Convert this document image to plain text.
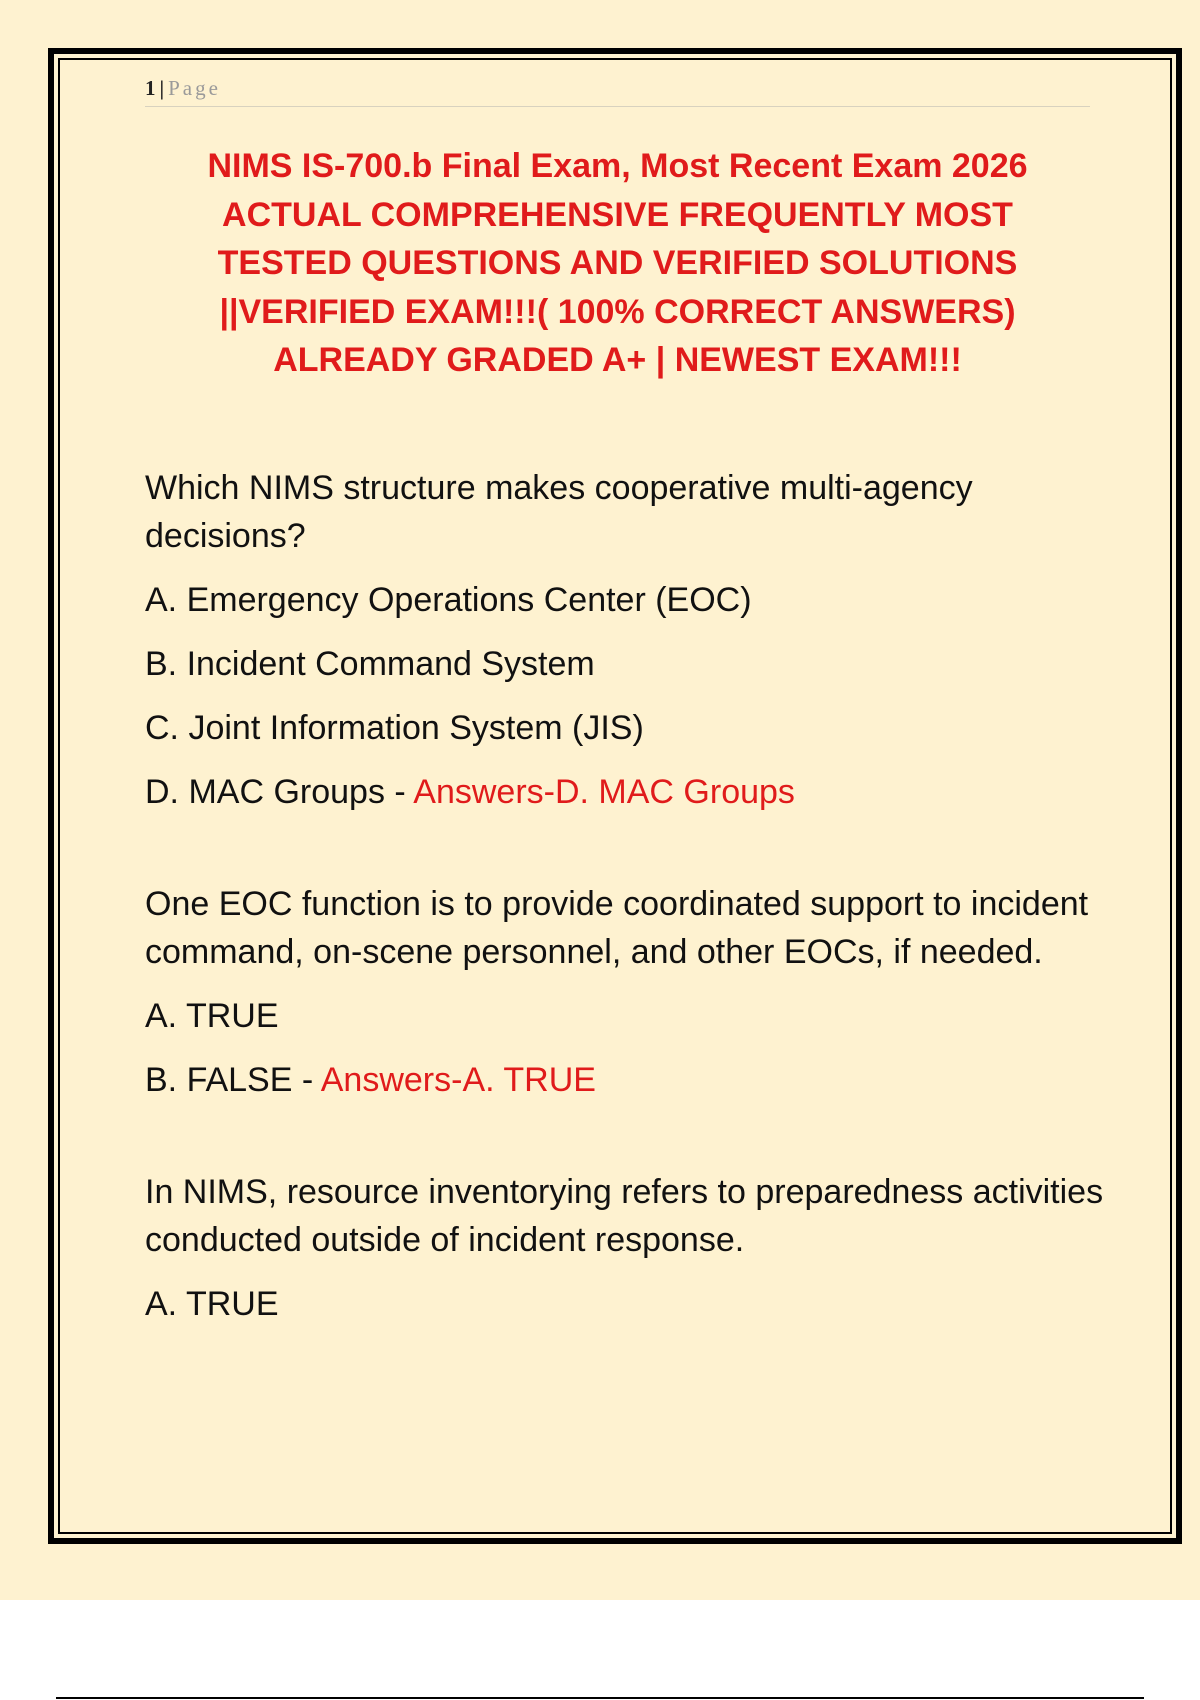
1 | Page
NIMS IS-700.b Final Exam, Most Recent Exam 2026
ACTUAL COMPREHENSIVE FREQUENTLY MOST
TESTED QUESTIONS AND VERIFIED SOLUTIONS
||VERIFIED EXAM!!!( 100% CORRECT ANSWERS)
ALREADY GRADED A+ | NEWEST EXAM!!!

Which NIMS structure makes cooperative multi-agency decisions?

A. Emergency Operations Center (EOC)

B. Incident Command System

C. Joint Information System (JIS)

D. MAC Groups - Answers-D. MAC Groups

One EOC function is to provide coordinated support to incident command, on-scene personnel, and other EOCs, if needed.

A. TRUE

B. FALSE - Answers-A. TRUE

In NIMS, resource inventorying refers to preparedness activities conducted outside of incident response.

A. TRUE
